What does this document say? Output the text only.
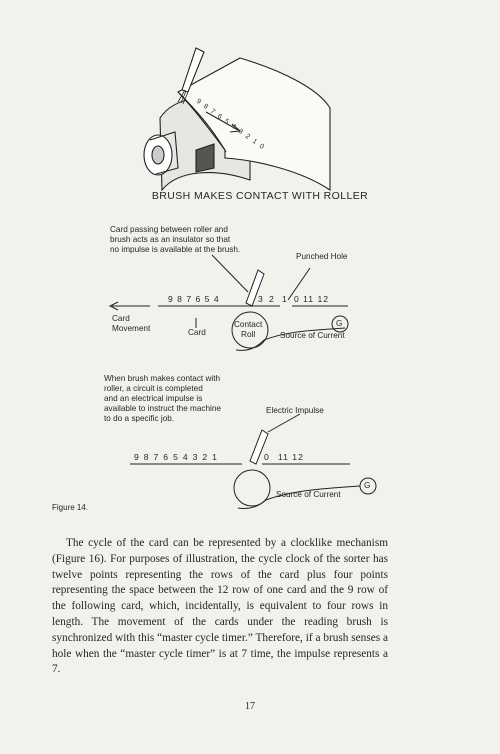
9
8
7
6
5
4
3
2
1
0
BRUSH MAKES CONTACT WITH ROLLER
Card passing between roller and
brush acts as an insulator so that
no impulse is available at the brush.
9 8 7 6 5 4	3 2 1 0 11 12
Punched Hole
Card
Movement	Card
Contact
Roll	Source of Current
G
When brush makes contact with
roller, a circuit is completed
and an electrical impulse is
available to instruct the machine
to do a specific job.
Electric Impulse
9 8 7 6 5 4 3 2 1	0 11 12
Source of Current
G
Figure 14.

The cycle of the card can be represented by a clocklike mechanism (Figure 16). For purposes of illustration, the cycle clock of the sorter has twelve points representing the rows of the card plus four points representing the space between the 12 row of one card and the 9 row of the following card, which, incidentally, is equivalent to four rows in length. The movement of the cards under the reading brush is synchronized with this “master cycle timer.” Therefore, if a brush senses a hole when the “master cycle timer” is at 7 time, the impulse represents a 7.

17
